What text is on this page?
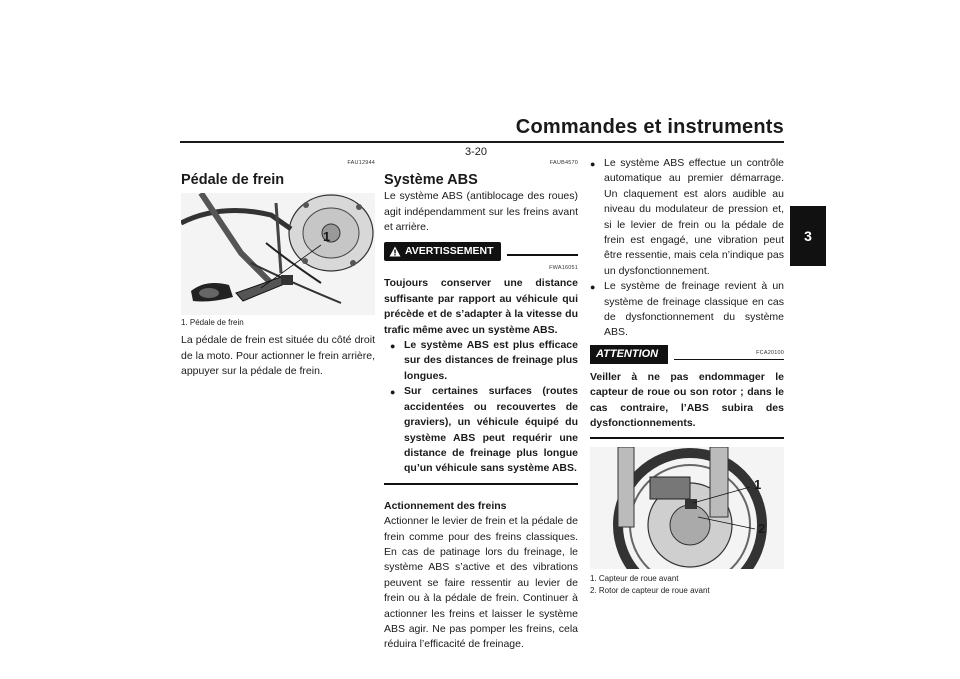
Commandes et instruments
3-20
3
FAU12944
Pédale de frein
1
1. Pédale de frein

La pédale de frein est située du côté droit de la moto. Pour actionner le frein arrière, appuyer sur la pédale de frein.

FAUB4570
Système ABS

Le système ABS (antiblocage des roues) agit indépendamment sur les freins avant et arrière.

AVERTISSEMENT
FWA16051

Toujours conserver une distance suffisante par rapport au véhicule qui précède et de s’adapter à la vitesse du trafic même avec un système ABS.

● Le système ABS est plus efficace sur des distances de freinage plus longues.
● Sur certaines surfaces (routes accidentées ou recouvertes de graviers), un véhicule équipé du système ABS peut requérir une distance de freinage plus longue qu’un véhicule sans système ABS.

Actionnement des freins

Actionner le levier de frein et la pédale de frein comme pour des freins classiques. En cas de patinage lors du freinage, le système ABS s’active et des vibrations peuvent se faire ressentir au levier de frein ou à la pédale de frein. Continuer à actionner les freins et laisser le système ABS agir. Ne pas pomper les freins, cela réduira l’efficacité de freinage.

● Le système ABS effectue un contrôle automatique au premier démarrage. Un claquement est alors audible au niveau du modulateur de pression et, si le levier de frein ou la pédale de frein est engagé, une vibration peut être ressentie, mais cela n’indique pas un dysfonctionnement.
● Le système de freinage revient à un système de freinage classique en cas de dysfonctionnement du système ABS.
ATTENTION	FCA20100

Veiller à ne pas endommager le capteur de roue ou son rotor ; dans le cas contraire, l’ABS subira des dysfonctionnements.

1
2
1. Capteur de roue avant
2. Rotor de capteur de roue avant
